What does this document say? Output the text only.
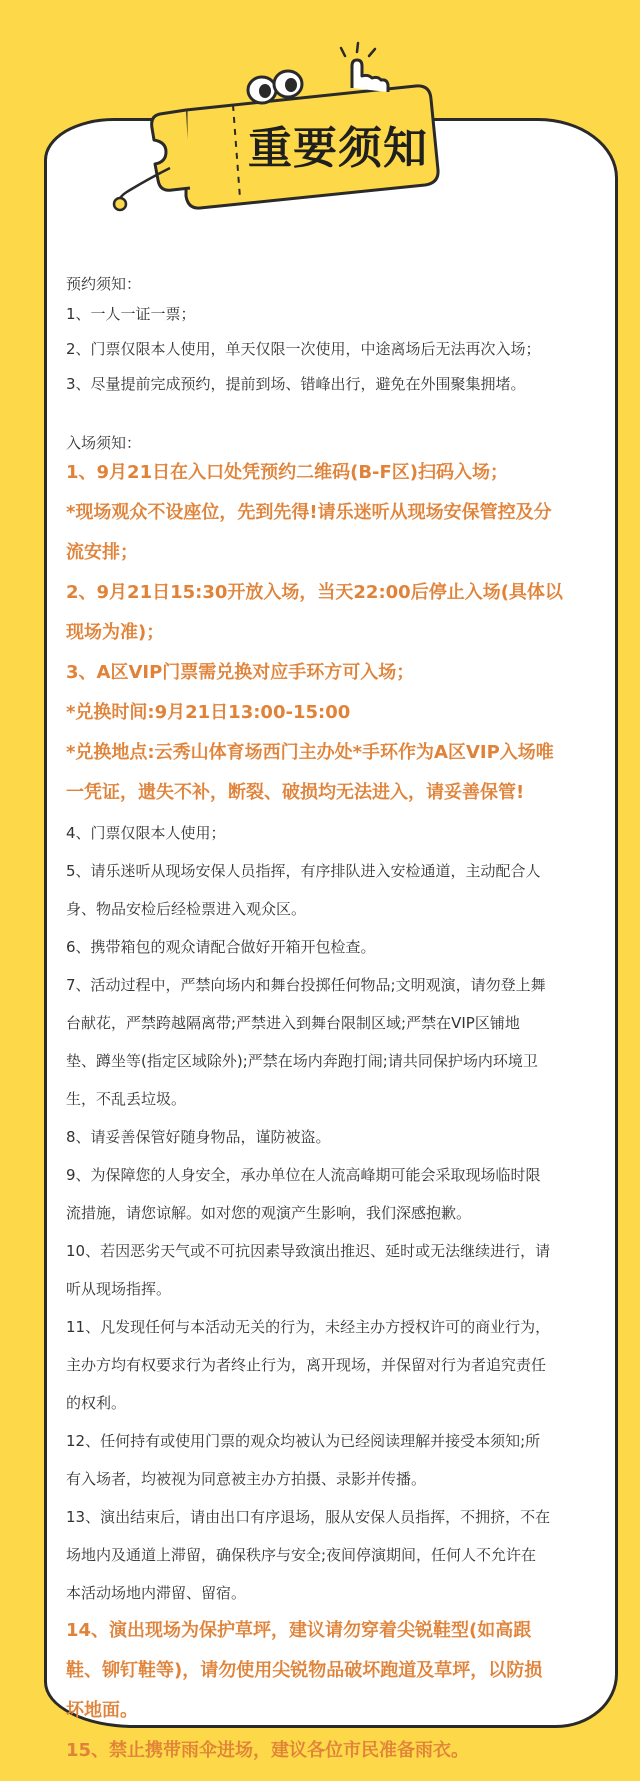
重要须知
预约须知：
1、一人一证一票；
2、门票仅限本人使用，单天仅限一次使用，中途离场后无法再次入场；
3、尽量提前完成预约，提前到场、错峰出行，避免在外围聚集拥堵。
入场须知：
1、9月21日在入口处凭预约二维码(B-F区)扫码入场；
*现场观众不设座位，先到先得!请乐迷听从现场安保管控及分
流安排；
2、9月21日15:30开放入场，当天22:00后停止入场(具体以
现场为准)；
3、A区VIP门票需兑换对应手环方可入场；
*兑换时间:9月21日13:00-15:00
*兑换地点:云秀山体育场西门主办处*手环作为A区VIP入场唯
一凭证，遗失不补，断裂、破损均无法进入，请妥善保管!
4、门票仅限本人使用；
5、请乐迷听从现场安保人员指挥，有序排队进入安检通道，主动配合人
身、物品安检后经检票进入观众区。
6、携带箱包的观众请配合做好开箱开包检查。
7、活动过程中，严禁向场内和舞台投掷任何物品;文明观演，请勿登上舞
台献花，严禁跨越隔离带;严禁进入到舞台限制区域;严禁在VIP区铺地
垫、蹲坐等(指定区域除外);严禁在场内奔跑打闹;请共同保护场内环境卫
生，不乱丢垃圾。
8、请妥善保管好随身物品，谨防被盗。
9、为保障您的人身安全，承办单位在人流高峰期可能会采取现场临时限
流措施，请您谅解。如对您的观演产生影响，我们深感抱歉。
10、若因恶劣天气或不可抗因素导致演出推迟、延时或无法继续进行，请
听从现场指挥。
11、凡发现任何与本活动无关的行为，未经主办方授权许可的商业行为，
主办方均有权要求行为者终止行为，离开现场，并保留对行为者追究责任
的权利。
12、任何持有或使用门票的观众均被认为已经阅读理解并接受本须知;所
有入场者，均被视为同意被主办方拍摄、录影并传播。
13、演出结束后，请由出口有序退场，服从安保人员指挥，不拥挤，不在
场地内及通道上滞留，确保秩序与安全;夜间停演期间，任何人不允许在
本活动场地内滞留、留宿。
14、演出现场为保护草坪，建议请勿穿着尖锐鞋型(如高跟
鞋、铆钉鞋等)，请勿使用尖锐物品破坏跑道及草坪，以防损
坏地面。
15、禁止携带雨伞进场，建议各位市民准备雨衣。
